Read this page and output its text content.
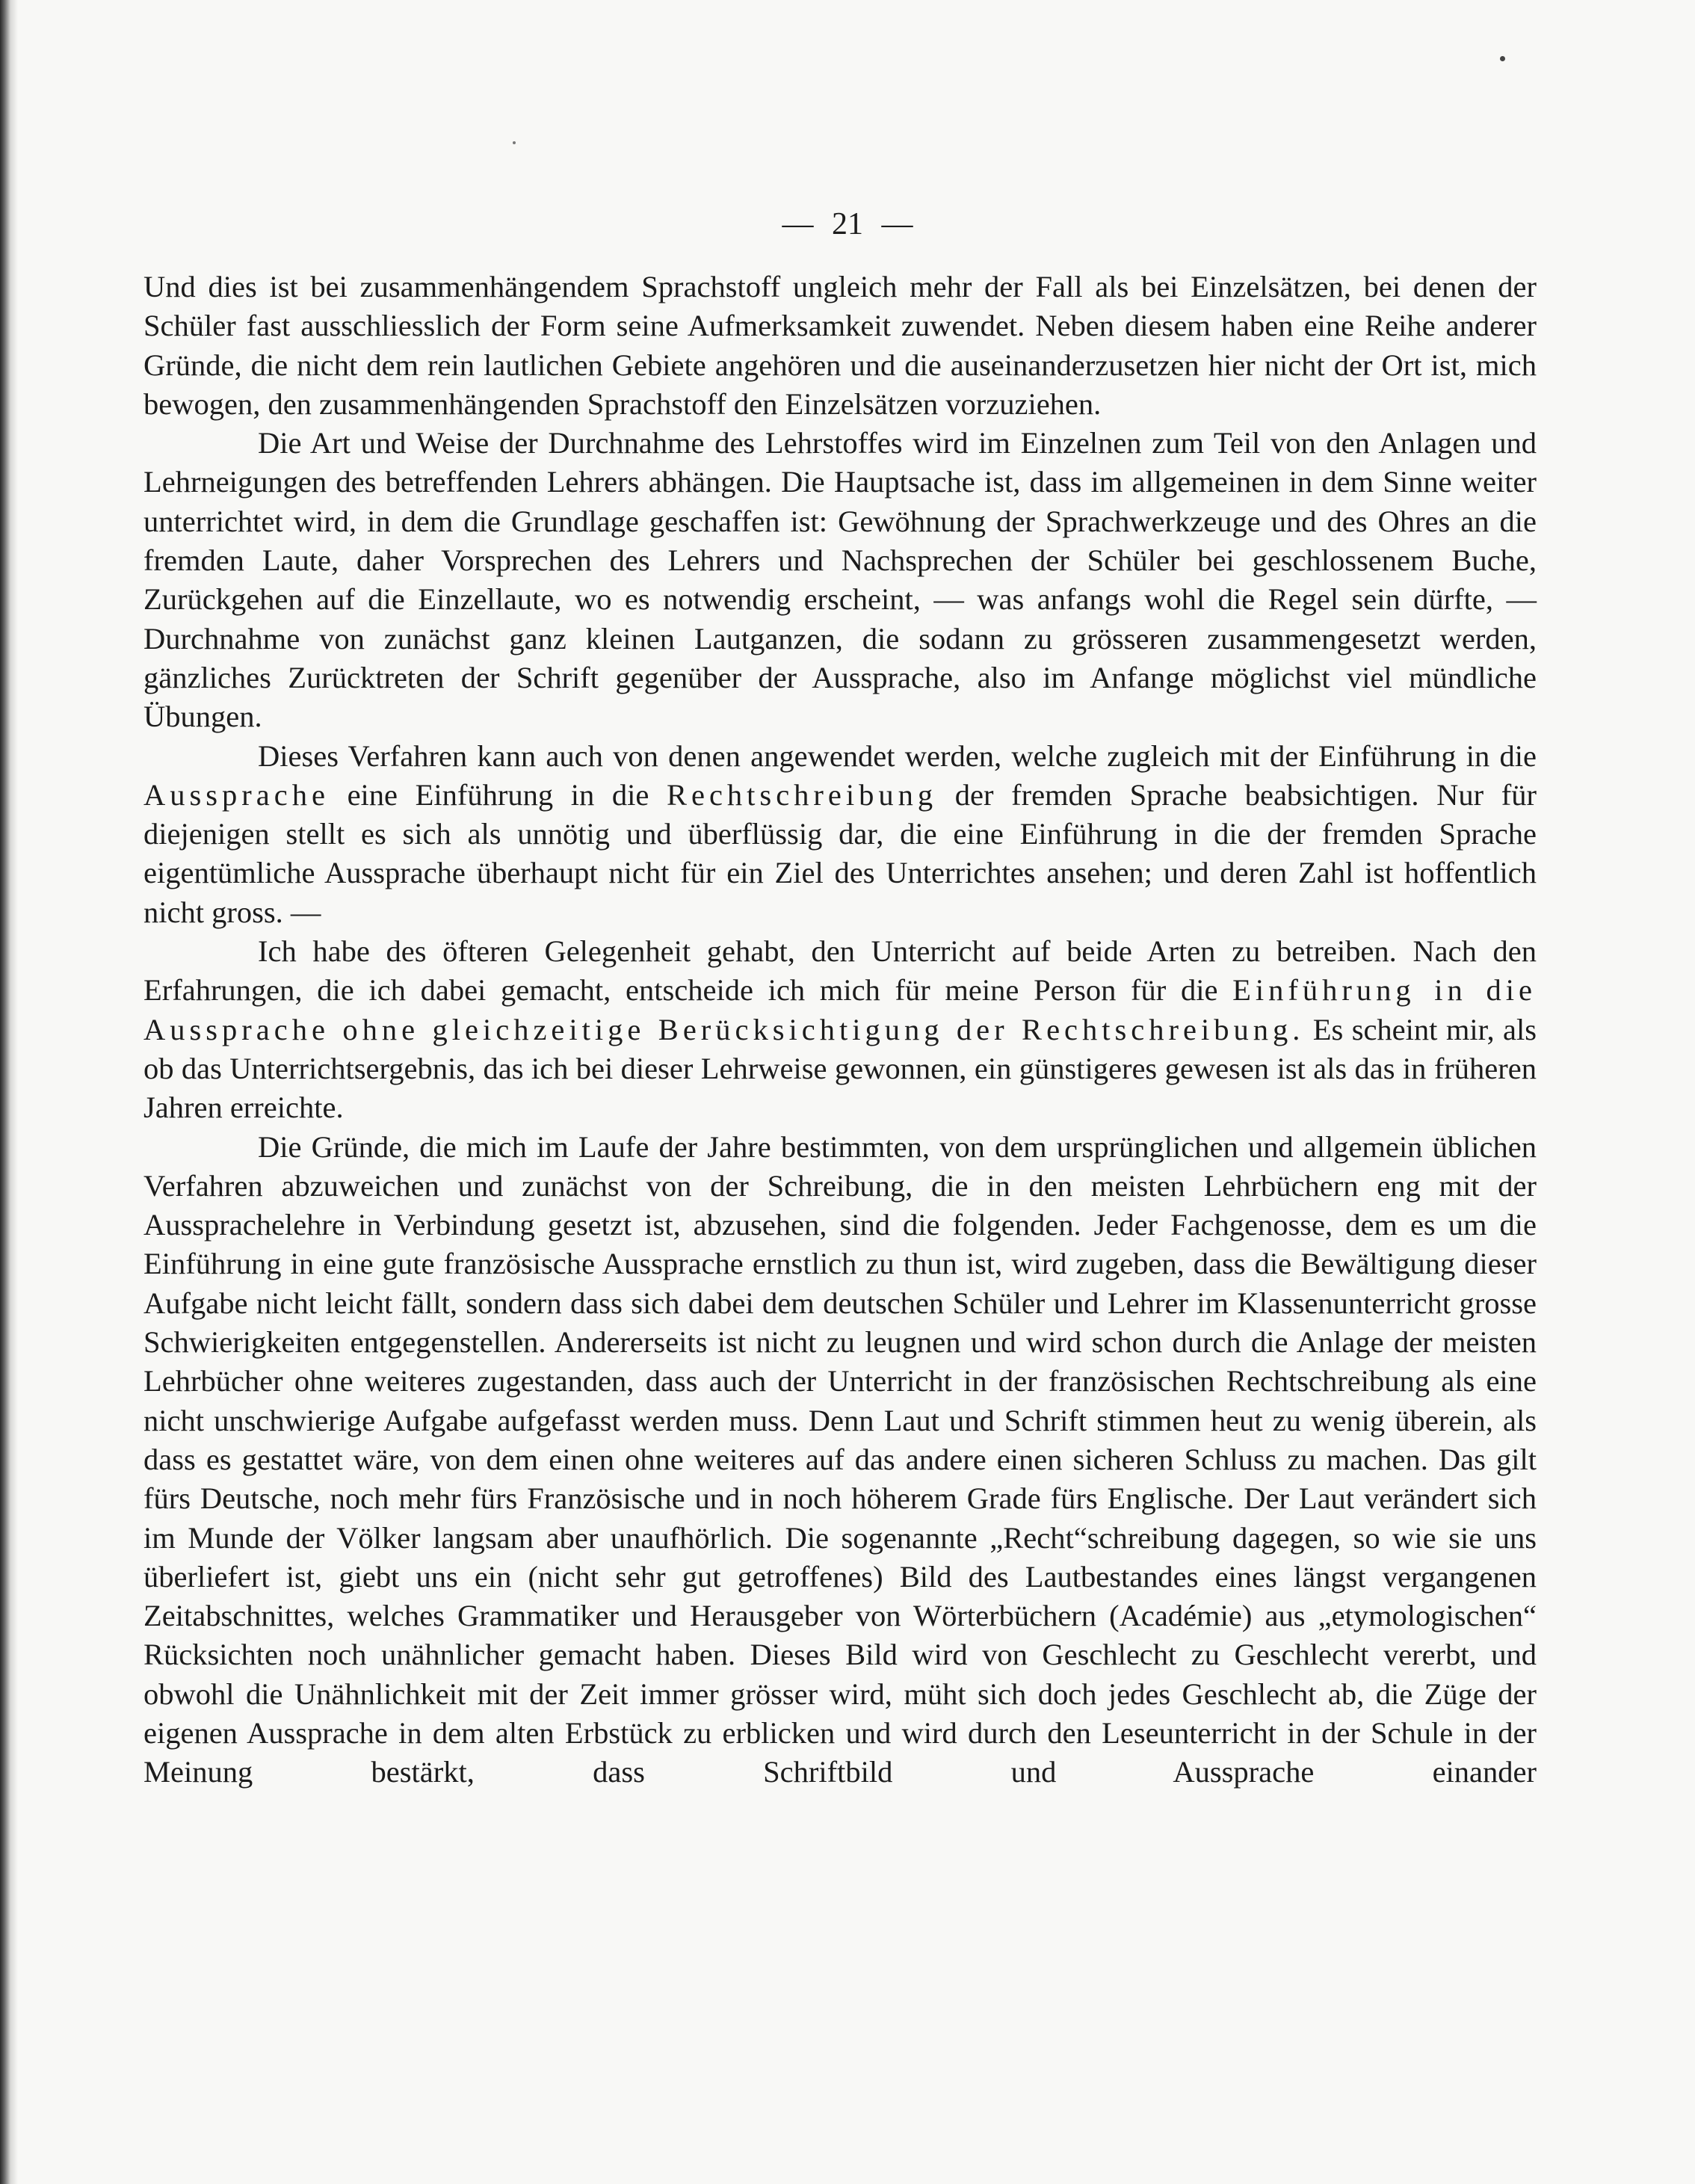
— 21 —

Und dies ist bei zusammenhängendem Sprachstoff ungleich mehr der Fall als bei Einzelsätzen, bei denen der Schüler fast ausschliesslich der Form seine Aufmerksamkeit zuwendet. Neben diesem haben eine Reihe anderer Gründe, die nicht dem rein lautlichen Gebiete angehören und die auseinanderzusetzen hier nicht der Ort ist, mich bewogen, den zusammenhängenden Sprachstoff den Einzelsätzen vorzuziehen.

Die Art und Weise der Durchnahme des Lehrstoffes wird im Einzelnen zum Teil von den Anlagen und Lehrneigungen des betreffenden Lehrers abhängen. Die Hauptsache ist, dass im allgemeinen in dem Sinne weiter unterrichtet wird, in dem die Grundlage geschaffen ist: Gewöhnung der Sprachwerkzeuge und des Ohres an die fremden Laute, daher Vorsprechen des Lehrers und Nachsprechen der Schüler bei geschlossenem Buche, Zurückgehen auf die Einzellaute, wo es notwendig erscheint, — was anfangs wohl die Regel sein dürfte, — Durchnahme von zunächst ganz kleinen Lautganzen, die sodann zu grösseren zusammengesetzt werden, gänzliches Zurücktreten der Schrift gegenüber der Aussprache, also im Anfange möglichst viel mündliche Übungen.

Dieses Verfahren kann auch von denen angewendet werden, welche zugleich mit der Einführung in die Aussprache eine Einführung in die Rechtschreibung der fremden Sprache beabsichtigen. Nur für diejenigen stellt es sich als unnötig und überflüssig dar, die eine Einführung in die der fremden Sprache eigentümliche Aussprache überhaupt nicht für ein Ziel des Unterrichtes ansehen; und deren Zahl ist hoffentlich nicht gross. —

Ich habe des öfteren Gelegenheit gehabt, den Unterricht auf beide Arten zu betreiben. Nach den Erfahrungen, die ich dabei gemacht, entscheide ich mich für meine Person für die Einführung in die Aussprache ohne gleichzeitige Berücksichtigung der Rechtschreibung. Es scheint mir, als ob das Unterrichtsergebnis, das ich bei dieser Lehrweise gewonnen, ein günstigeres gewesen ist als das in früheren Jahren erreichte.

Die Gründe, die mich im Laufe der Jahre bestimmten, von dem ursprünglichen und allgemein üblichen Verfahren abzuweichen und zunächst von der Schreibung, die in den meisten Lehrbüchern eng mit der Aussprachelehre in Verbindung gesetzt ist, abzusehen, sind die folgenden. Jeder Fachgenosse, dem es um die Einführung in eine gute französische Aussprache ernstlich zu thun ist, wird zugeben, dass die Bewältigung dieser Aufgabe nicht leicht fällt, sondern dass sich dabei dem deutschen Schüler und Lehrer im Klassenunterricht grosse Schwierigkeiten entgegenstellen. Andererseits ist nicht zu leugnen und wird schon durch die Anlage der meisten Lehrbücher ohne weiteres zugestanden, dass auch der Unterricht in der französischen Rechtschreibung als eine nicht unschwierige Aufgabe aufgefasst werden muss. Denn Laut und Schrift stimmen heut zu wenig überein, als dass es gestattet wäre, von dem einen ohne weiteres auf das andere einen sicheren Schluss zu machen. Das gilt fürs Deutsche, noch mehr fürs Französische und in noch höherem Grade fürs Englische. Der Laut verändert sich im Munde der Völker langsam aber unaufhörlich. Die sogenannte „Recht“schreibung dagegen, so wie sie uns überliefert ist, giebt uns ein (nicht sehr gut getroffenes) Bild des Lautbestandes eines längst vergangenen Zeitabschnittes, welches Grammatiker und Herausgeber von Wörterbüchern (Académie) aus „etymologischen“ Rücksichten noch unähnlicher gemacht haben. Dieses Bild wird von Geschlecht zu Geschlecht vererbt, und obwohl die Unähnlichkeit mit der Zeit immer grösser wird, müht sich doch jedes Geschlecht ab, die Züge der eigenen Aussprache in dem alten Erbstück zu erblicken und wird durch den Leseunterricht in der Schule in der Meinung bestärkt, dass Schriftbild und Aussprache einander
